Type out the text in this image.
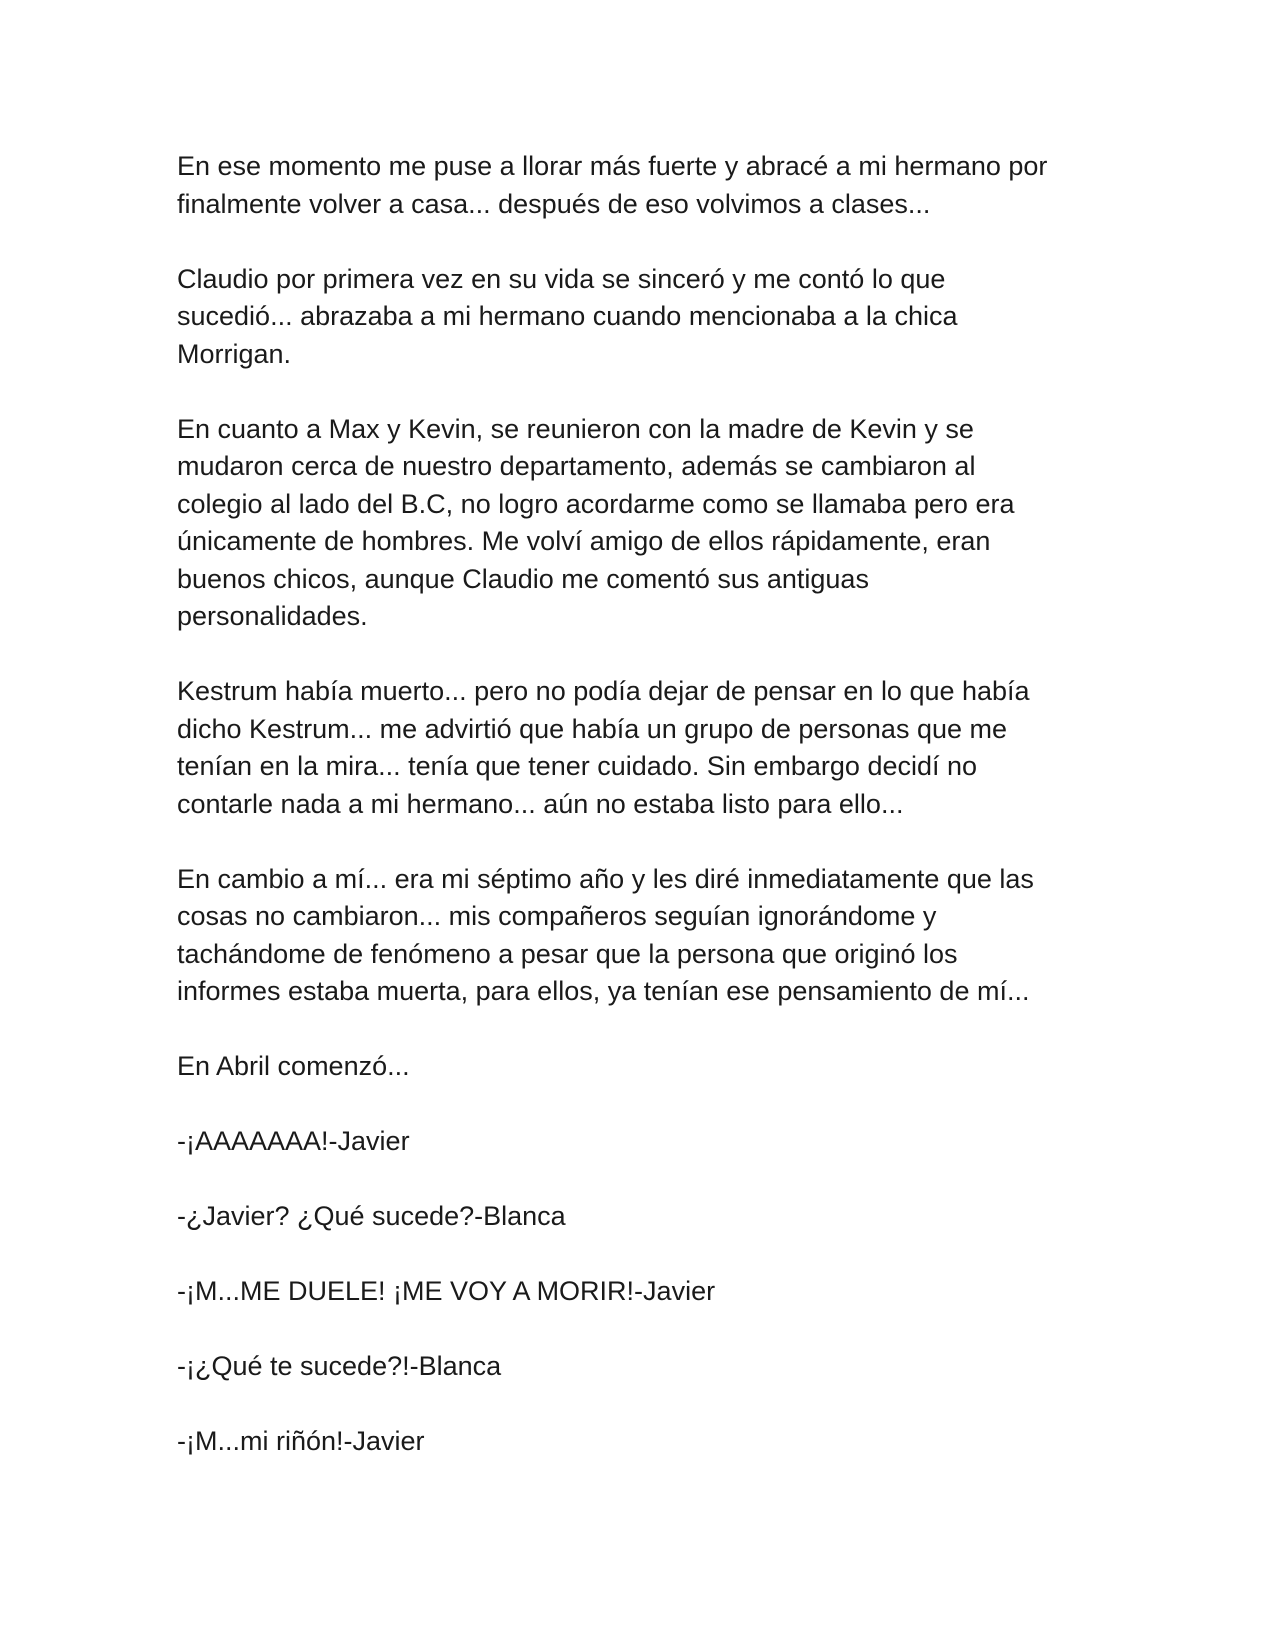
En ese momento me puse a llorar más fuerte y abracé a mi hermano por
finalmente volver a casa... después de eso volvimos a clases...

Claudio por primera vez en su vida se sinceró y me contó lo que
sucedió... abrazaba a mi hermano cuando mencionaba a la chica
Morrigan.

En cuanto a Max y Kevin, se reunieron con la madre de Kevin y se
mudaron cerca de nuestro departamento, además se cambiaron al
colegio al lado del B.C, no logro acordarme como se llamaba pero era
únicamente de hombres. Me volví amigo de ellos rápidamente, eran
buenos chicos, aunque Claudio me comentó sus antiguas
personalidades.

Kestrum había muerto... pero no podía dejar de pensar en lo que había
dicho Kestrum... me advirtió que había un grupo de personas que me
tenían en la mira... tenía que tener cuidado. Sin embargo decidí no
contarle nada a mi hermano... aún no estaba listo para ello...

En cambio a mí... era mi séptimo año y les diré inmediatamente que las
cosas no cambiaron... mis compañeros seguían ignorándome y
tachándome de fenómeno a pesar que la persona que originó los
informes estaba muerta, para ellos, ya tenían ese pensamiento de mí...

En Abril comenzó...

-¡AAAAAAA!-Javier

-¿Javier? ¿Qué sucede?-Blanca

-¡M...ME DUELE! ¡ME VOY A MORIR!-Javier

-¡¿Qué te sucede?!-Blanca

-¡M...mi riñón!-Javier
